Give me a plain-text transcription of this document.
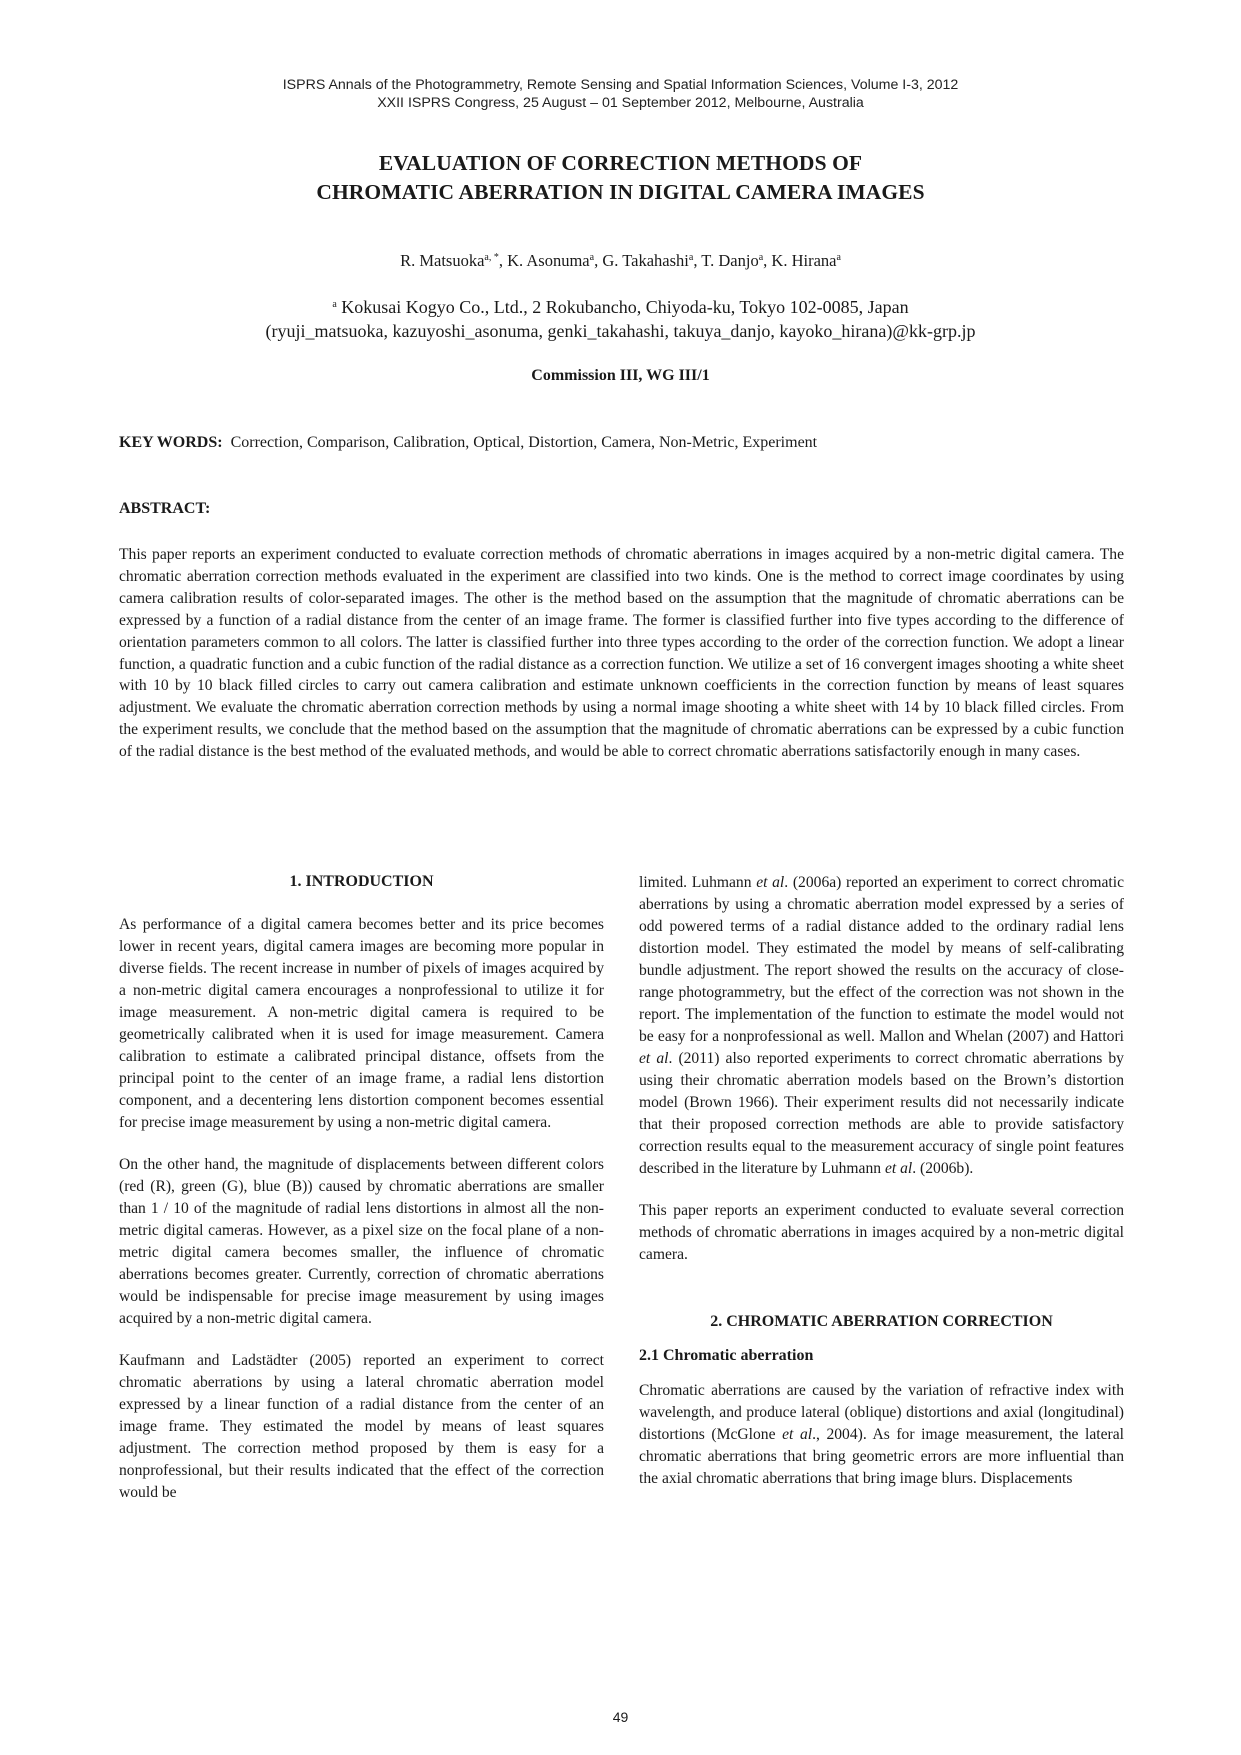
ISPRS Annals of the Photogrammetry, Remote Sensing and Spatial Information Sciences, Volume I-3, 2012
XXII ISPRS Congress, 25 August – 01 September 2012, Melbourne, Australia
EVALUATION OF CORRECTION METHODS OF
CHROMATIC ABERRATION IN DIGITAL CAMERA IMAGES
R. Matsuoka$^{a, *}$, K. Asonuma$^a$, G. Takahashi$^a$, T. Danjo$^a$, K. Hirana$^a$
$^a$ Kokusai Kogyo Co., Ltd., 2 Rokubancho, Chiyoda-ku, Tokyo 102-0085, Japan
(ryuji_matsuoka, kazuyoshi_asonuma, genki_takahashi, takuya_danjo, kayoko_hirana)@kk-grp.jp
Commission III, WG III/1
KEY WORDS: Correction, Comparison, Calibration, Optical, Distortion, Camera, Non-Metric, Experiment
ABSTRACT:
This paper reports an experiment conducted to evaluate correction methods of chromatic aberrations in images acquired by a non-metric digital camera. The chromatic aberration correction methods evaluated in the experiment are classified into two kinds. One is the method to correct image coordinates by using camera calibration results of color-separated images. The other is the method based on the assumption that the magnitude of chromatic aberrations can be expressed by a function of a radial distance from the center of an image frame. The former is classified further into five types according to the difference of orientation parameters common to all colors. The latter is classified further into three types according to the order of the correction function. We adopt a linear function, a quadratic function and a cubic function of the radial distance as a correction function. We utilize a set of 16 convergent images shooting a white sheet with 10 by 10 black filled circles to carry out camera calibration and estimate unknown coefficients in the correction function by means of least squares adjustment. We evaluate the chromatic aberration correction methods by using a normal image shooting a white sheet with 14 by 10 black filled circles. From the experiment results, we conclude that the method based on the assumption that the magnitude of chromatic aberrations can be expressed by a cubic function of the radial distance is the best method of the evaluated methods, and would be able to correct chromatic aberrations satisfactorily enough in many cases.
1. INTRODUCTION

As performance of a digital camera becomes better and its price becomes lower in recent years, digital camera images are becoming more popular in diverse fields. The recent increase in number of pixels of images acquired by a non-metric digital camera encourages a nonprofessional to utilize it for image measurement. A non-metric digital camera is required to be geometrically calibrated when it is used for image measurement. Camera calibration to estimate a calibrated principal distance, offsets from the principal point to the center of an image frame, a radial lens distortion component, and a decentering lens distortion component becomes essential for precise image measurement by using a non-metric digital camera.

On the other hand, the magnitude of displacements between different colors (red (R), green (G), blue (B)) caused by chromatic aberrations are smaller than 1 / 10 of the magnitude of radial lens distortions in almost all the non-metric digital cameras. However, as a pixel size on the focal plane of a non-metric digital camera becomes smaller, the influence of chromatic aberrations becomes greater. Currently, correction of chromatic aberrations would be indispensable for precise image measurement by using images acquired by a non-metric digital camera.

Kaufmann and Ladstädter (2005) reported an experiment to correct chromatic aberrations by using a lateral chromatic aberration model expressed by a linear function of a radial distance from the center of an image frame. They estimated the model by means of least squares adjustment. The correction method proposed by them is easy for a nonprofessional, but their results indicated that the effect of the correction would be

limited. Luhmann et al. (2006a) reported an experiment to correct chromatic aberrations by using a chromatic aberration model expressed by a series of odd powered terms of a radial distance added to the ordinary radial lens distortion model. They estimated the model by means of self-calibrating bundle adjustment. The report showed the results on the accuracy of close-range photogrammetry, but the effect of the correction was not shown in the report. The implementation of the function to estimate the model would not be easy for a nonprofessional as well. Mallon and Whelan (2007) and Hattori et al. (2011) also reported experiments to correct chromatic aberrations by using their chromatic aberration models based on the Brown’s distortion model (Brown 1966). Their experiment results did not necessarily indicate that their proposed correction methods are able to provide satisfactory correction results equal to the measurement accuracy of single point features described in the literature by Luhmann et al. (2006b).

This paper reports an experiment conducted to evaluate several correction methods of chromatic aberrations in images acquired by a non-metric digital camera.

2. CHROMATIC ABERRATION CORRECTION
2.1 Chromatic aberration

Chromatic aberrations are caused by the variation of refractive index with wavelength, and produce lateral (oblique) distortions and axial (longitudinal) distortions (McGlone et al., 2004). As for image measurement, the lateral chromatic aberrations that bring geometric errors are more influential than the axial chromatic aberrations that bring image blurs. Displacements

49
